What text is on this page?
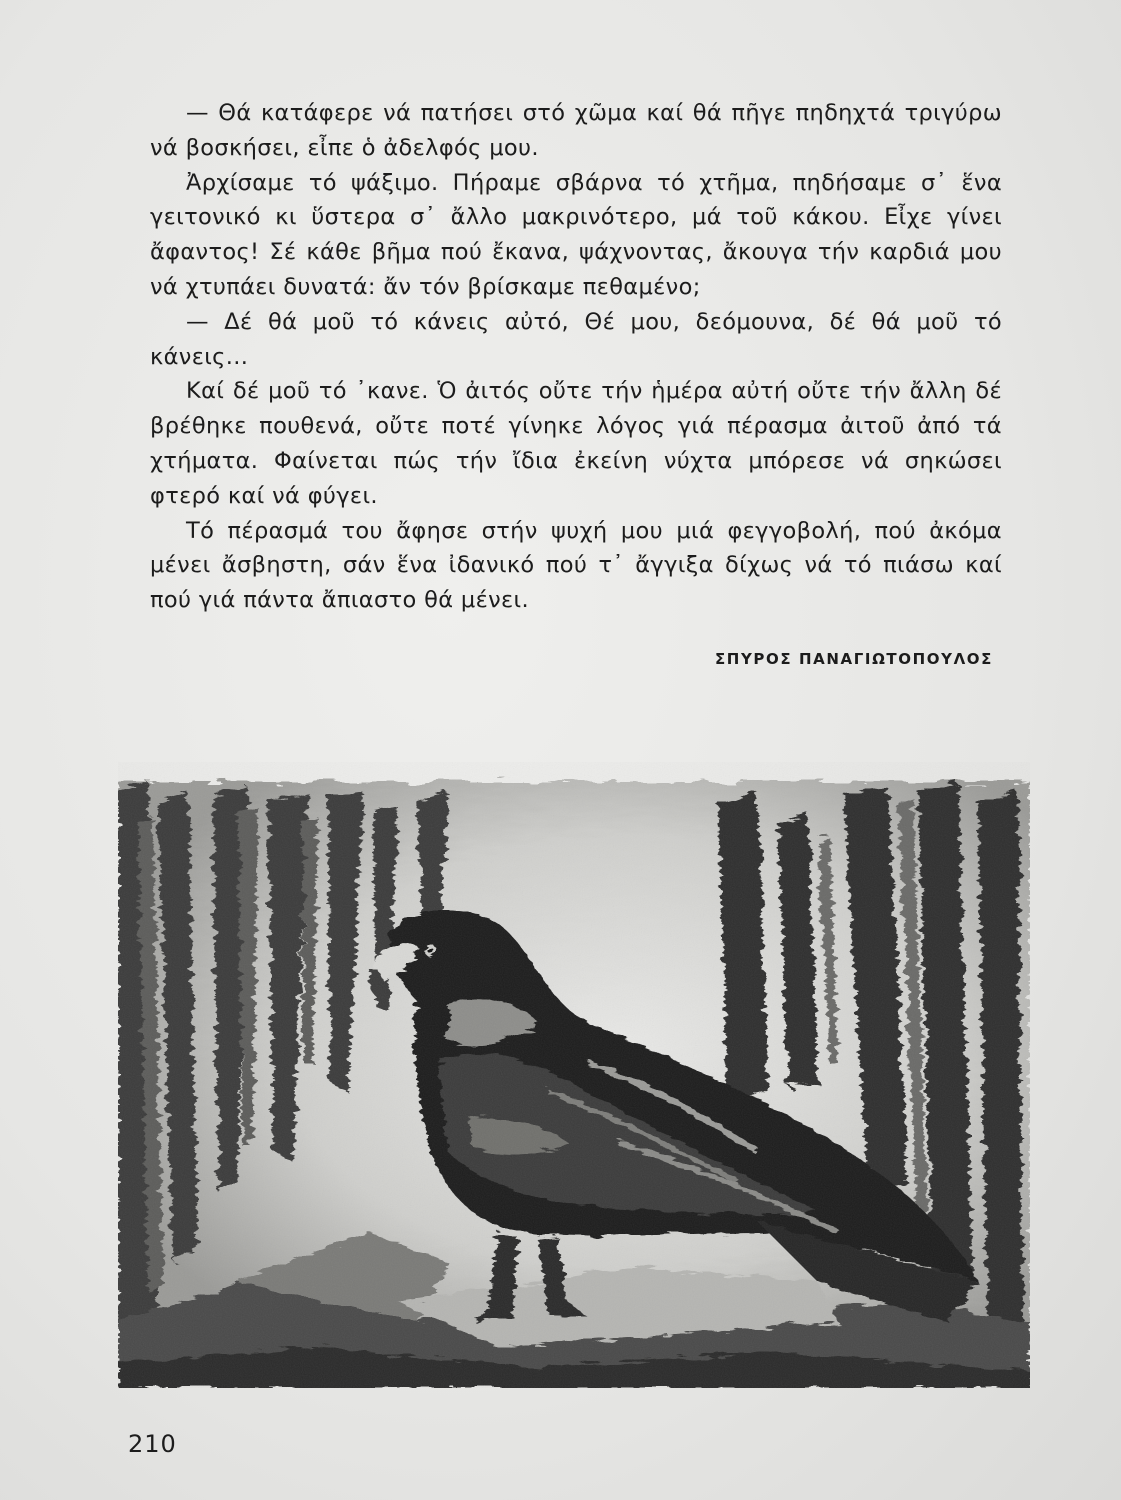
— Θά κατάφερε νά πατήσει στό χῶμα καί θά πῆγε πηδηχτά τριγύρω νά βοσκήσει, εἶπε ὁ ἀδελφός μου.

Ἀρχίσαμε τό ψάξιμο. Πήραμε σβάρνα τό χτῆμα, πηδήσαμε σ᾽ ἕνα γειτονικό κι ὕστερα σ᾽ ἄλλο μακρινότερο, μά τοῦ κάκου. Εἶχε γίνει ἄφαντος! Σέ κάθε βῆμα πού ἔκανα, ψάχνοντας, ἄκουγα τήν καρδιά μου νά χτυπάει δυνατά: ἄν τόν βρίσκαμε πεθαμένο;

— Δέ θά μοῦ τό κάνεις αὐτό, Θέ μου, δεόμουνα, δέ θά μοῦ τό κάνεις...

Καί δέ μοῦ τό ᾽κανε. Ὁ ἀιτός οὔτε τήν ἡμέρα αὐτή οὔτε τήν ἄλλη δέ βρέθηκε πουθενά, οὔτε ποτέ γίνηκε λόγος γιά πέρασμα ἀιτοῦ ἀπό τά χτήματα. Φαίνεται πώς τήν ἴδια ἐκείνη νύχτα μπόρεσε νά σηκώσει φτερό καί νά φύγει.

Τό πέρασμά του ἄφησε στήν ψυχή μου μιά φεγγοβολή, πού ἀκόμα μένει ἄσβηστη, σάν ἕνα ἰδανικό πού τ᾽ ἄγγιξα δίχως νά τό πιάσω καί πού γιά πάντα ἄπιαστο θά μένει.

ΣΠΥΡΟΣ ΠΑΝΑΓΙΩΤΟΠΟΥΛΟΣ
210
